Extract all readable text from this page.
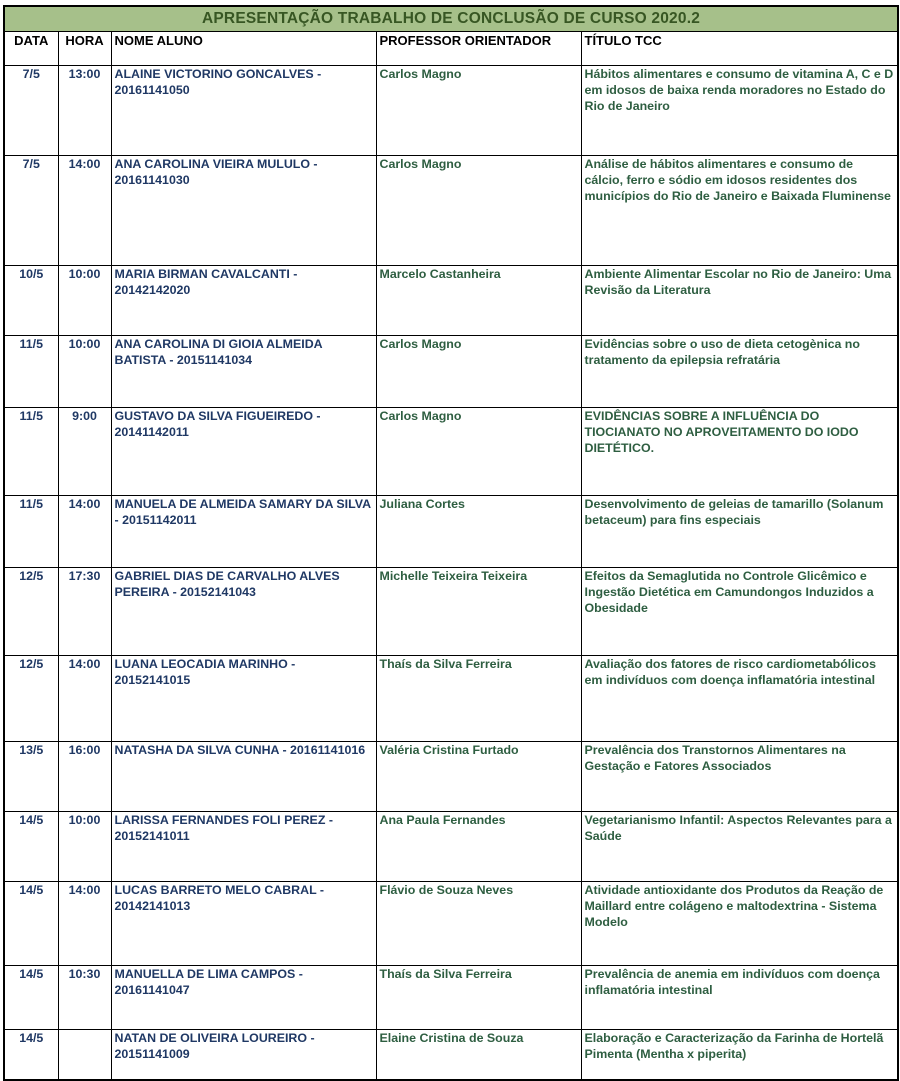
APRESENTAÇÃO TRABALHO DE CONCLUSÃO DE CURSO 2020.2				
DATA	HORA	NOME ALUNO	PROFESSOR ORIENTADOR	TÍTULO TCC
7/5	13:00	ALAINE VICTORINO GONCALVES - 20161141050	Carlos Magno	Hábitos alimentares e consumo de vitamina A, C e D em idosos de baixa renda moradores no Estado do Rio de Janeiro
7/5	14:00	ANA CAROLINA VIEIRA MULULO - 20161141030	Carlos Magno	Análise de hábitos alimentares e consumo de cálcio, ferro e sódio em idosos residentes dos municípios do Rio de Janeiro e Baixada Fluminense
10/5	10:00	MARIA BIRMAN CAVALCANTI - 20142142020	Marcelo Castanheira	Ambiente Alimentar Escolar no Rio de Janeiro: Uma Revisão da Literatura
11/5	10:00	ANA CAROLINA DI GIOIA ALMEIDA BATISTA - 20151141034	Carlos Magno	Evidências sobre o uso de dieta cetogènica no tratamento da epilepsia refratária
11/5	9:00	GUSTAVO DA SILVA FIGUEIREDO - 20141142011	Carlos Magno	EVIDÊNCIAS SOBRE A INFLUÊNCIA DO TIOCIANATO NO APROVEITAMENTO DO IODO DIETÉTICO.
11/5	14:00	MANUELA DE ALMEIDA SAMARY DA SILVA - 20151142011	Juliana Cortes	Desenvolvimento de geleias de tamarillo (Solanum betaceum) para fins especiais
12/5	17:30	GABRIEL DIAS DE CARVALHO ALVES PEREIRA - 20152141043	Michelle Teixeira Teixeira	Efeitos da Semaglutida no Controle Glicêmico e Ingestão Dietética em Camundongos Induzidos a Obesidade
12/5	14:00	LUANA LEOCADIA MARINHO - 20152141015	Thaís da Silva Ferreira	Avaliação dos fatores de risco cardiometabólicos em indivíduos com doença inflamatória intestinal
13/5	16:00	NATASHA DA SILVA CUNHA - 20161141016	Valéria Cristina Furtado	Prevalência dos Transtornos Alimentares na Gestação e Fatores Associados
14/5	10:00	LARISSA FERNANDES FOLI PEREZ - 20152141011	Ana Paula Fernandes	Vegetarianismo Infantil: Aspectos Relevantes para a Saúde
14/5	14:00	LUCAS BARRETO MELO CABRAL - 20142141013	Flávio de Souza Neves	Atividade antioxidante dos Produtos da Reação de Maillard entre colágeno e maltodextrina - Sistema Modelo
14/5	10:30	MANUELLA DE LIMA CAMPOS - 20161141047	Thaís da Silva Ferreira	Prevalência de anemia em indivíduos com doença inflamatória intestinal
14/5		NATAN DE OLIVEIRA LOUREIRO - 20151141009	Elaine Cristina de Souza	Elaboração e Caracterização da Farinha de Hortelã Pimenta (Mentha x piperita)
